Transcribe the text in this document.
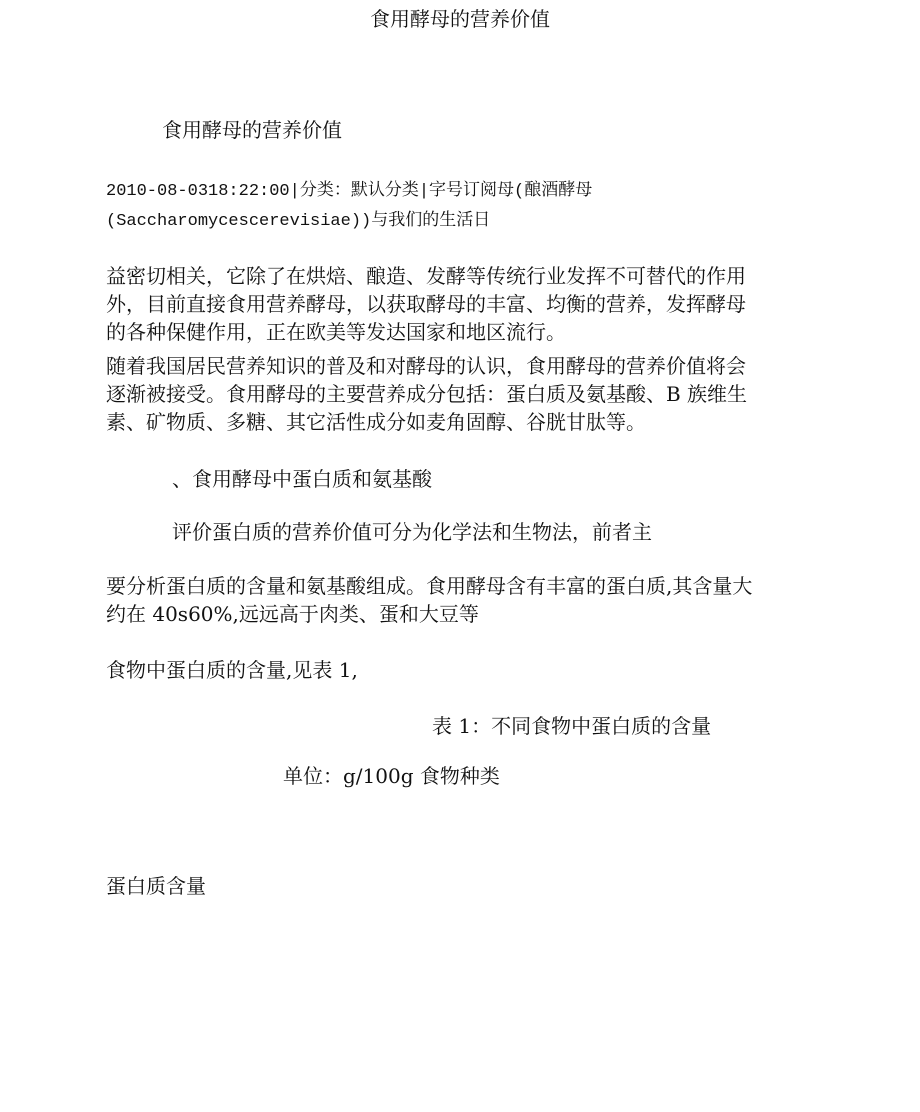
食用酵母的营养价值

食用酵母的营养价值

2010-08-0318:22:00|分类：默认分类|字号订阅母(酿酒酵母

(Saccharomycescerevisiae))与我们的生活日

益密切相关，它除了在烘焙、酿造、发酵等传统行业发挥不可替代的作用

外，目前直接食用营养酵母，以获取酵母的丰富、均衡的营养，发挥酵母

的各种保健作用，正在欧美等发达国家和地区流行。

随着我国居民营养知识的普及和对酵母的认识，食用酵母的营养价值将会

逐渐被接受。食用酵母的主要营养成分包括：蛋白质及氨基酸、B 族维生

素、矿物质、多糖、其它活性成分如麦角固醇、谷胱甘肽等。

、食用酵母中蛋白质和氨基酸

评价蛋白质的营养价值可分为化学法和生物法，前者主

要分析蛋白质的含量和氨基酸组成。食用酵母含有丰富的蛋白质,其含量大

约在 40s60%,远远高于肉类、蛋和大豆等

食物中蛋白质的含量,见表 1,

表 1：不同食物中蛋白质的含量

单位：g/100g 食物种类

蛋白质含量
